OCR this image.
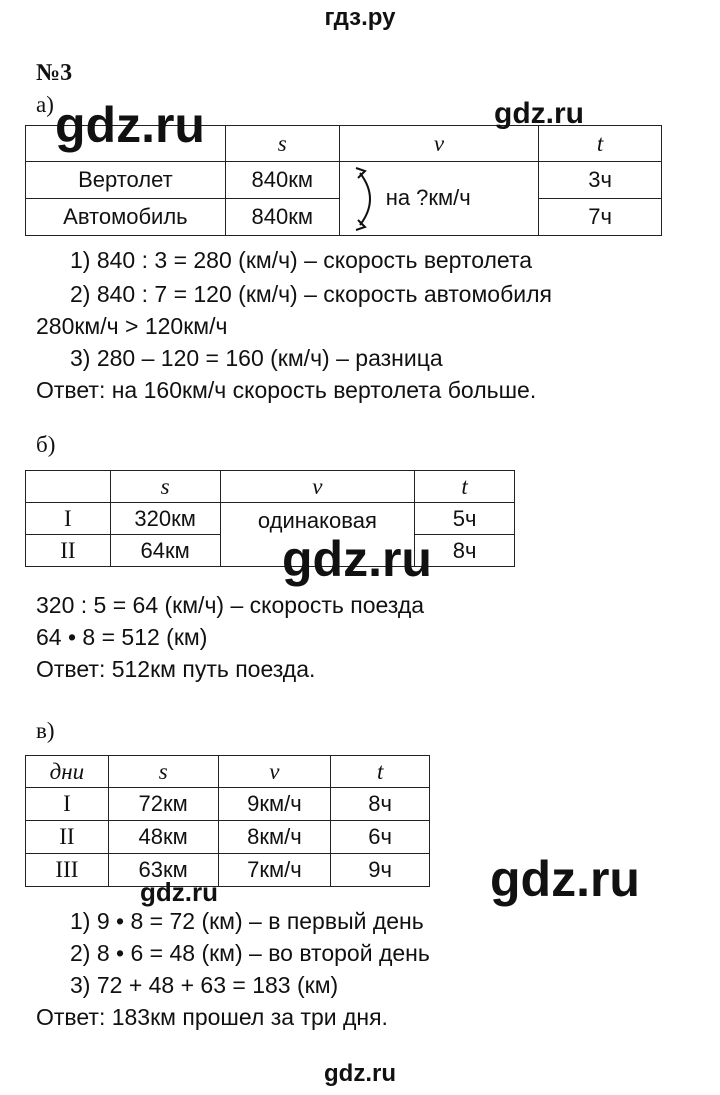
гдз.ру
№3
а)
	s	v	t
Вертолет	840км	на ?км/ч	3ч
Автомобиль	840км		7ч
1) 840 : 3 = 280 (км/ч) – скорость вертолета
2) 840 : 7 = 120 (км/ч) – скорость автомобиля
280км/ч > 120км/ч
3) 280 – 120 = 160 (км/ч) – разница
Ответ: на 160км/ч скорость вертолета больше.
б)
	s	v	t
I	320км	одинаковая	5ч
II	64км		8ч
320 : 5 = 64 (км/ч) – скорость поезда
64 • 8 = 512 (км)
Ответ: 512км путь поезда.
в)
дни	s	v	t
I	72км	9км/ч	8ч
II	48км	8км/ч	6ч
III	63км	7км/ч	9ч
1) 9 • 8 = 72 (км) – в первый день
2) 8 • 6 = 48 (км) – во второй день
3) 72 + 48 + 63 = 183 (км)
Ответ: 183км прошел за три дня.
gdz.ru	gdz.ru
gdz.ru
gdz.ru
gdz.ru
gdz.ru
